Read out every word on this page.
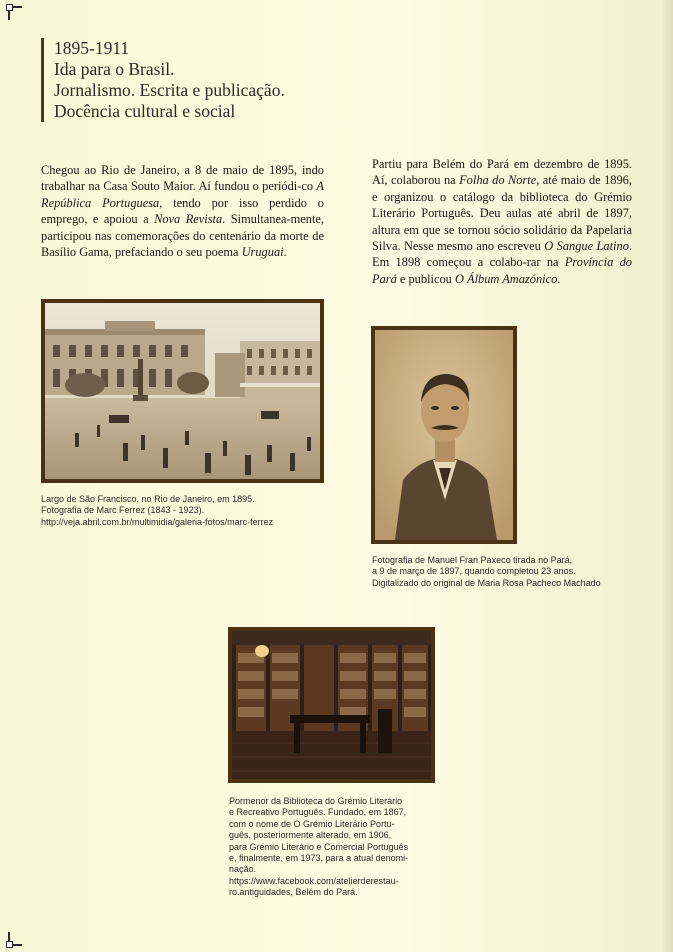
1895-1911
Ida para o Brasil.
Jornalismo. Escrita e publicação.
Docência cultural e social

Chegou ao Rio de Janeiro, a 8 de maio de 1895, indo trabalhar na Casa Souto Maior. Aí fundou o periódi-co A República Portuguesa, tendo por isso perdido o emprego, e apoiou a Nova Revista. Simultanea-mente, participou nas comemorações do centenário da morte de Basílio Gama, prefaciando o seu poema Uruguai.

Partiu para Belém do Pará em dezembro de 1895. Aí, colaborou na Folha do Norte, até maio de 1896, e organizou o catálogo da biblioteca do Grémio Literário Português. Deu aulas até abril de 1897, altura em que se tornou sócio solidário da Papelaria Silva. Nesse mesmo ano escreveu O Sangue Latino. Em 1898 começou a colabo-rar na Província do Pará e publicou O Álbum Amazónico.

Largo de São Francisco, no Rio de Janeiro, em 1895.
Fotografia de Marc Ferrez (1843 - 1923).
http://veja.abril.com.br/multimidia/galeria-fotos/marc-ferrez
Fotografia de Manuel Fran Paxeco tirada no Pará,
a 9 de março de 1897, quando completou 23 anos.
Digitalizado do original de Maria Rosa Pacheco Machado
Pormenor da Biblioteca do Grémio Literário
e Recreativo Português. Fundado, em 1867,
com o nome de O Grémio Literário Portu-
guês, posteriormente alterado, em 1906,
para Grémio Literário e Comercial Português
e, finalmente, em 1973, para a atual denomi-
nação.
https://www.facebook.com/atelierderestau-
ro.antiguidades, Belém do Pará.
